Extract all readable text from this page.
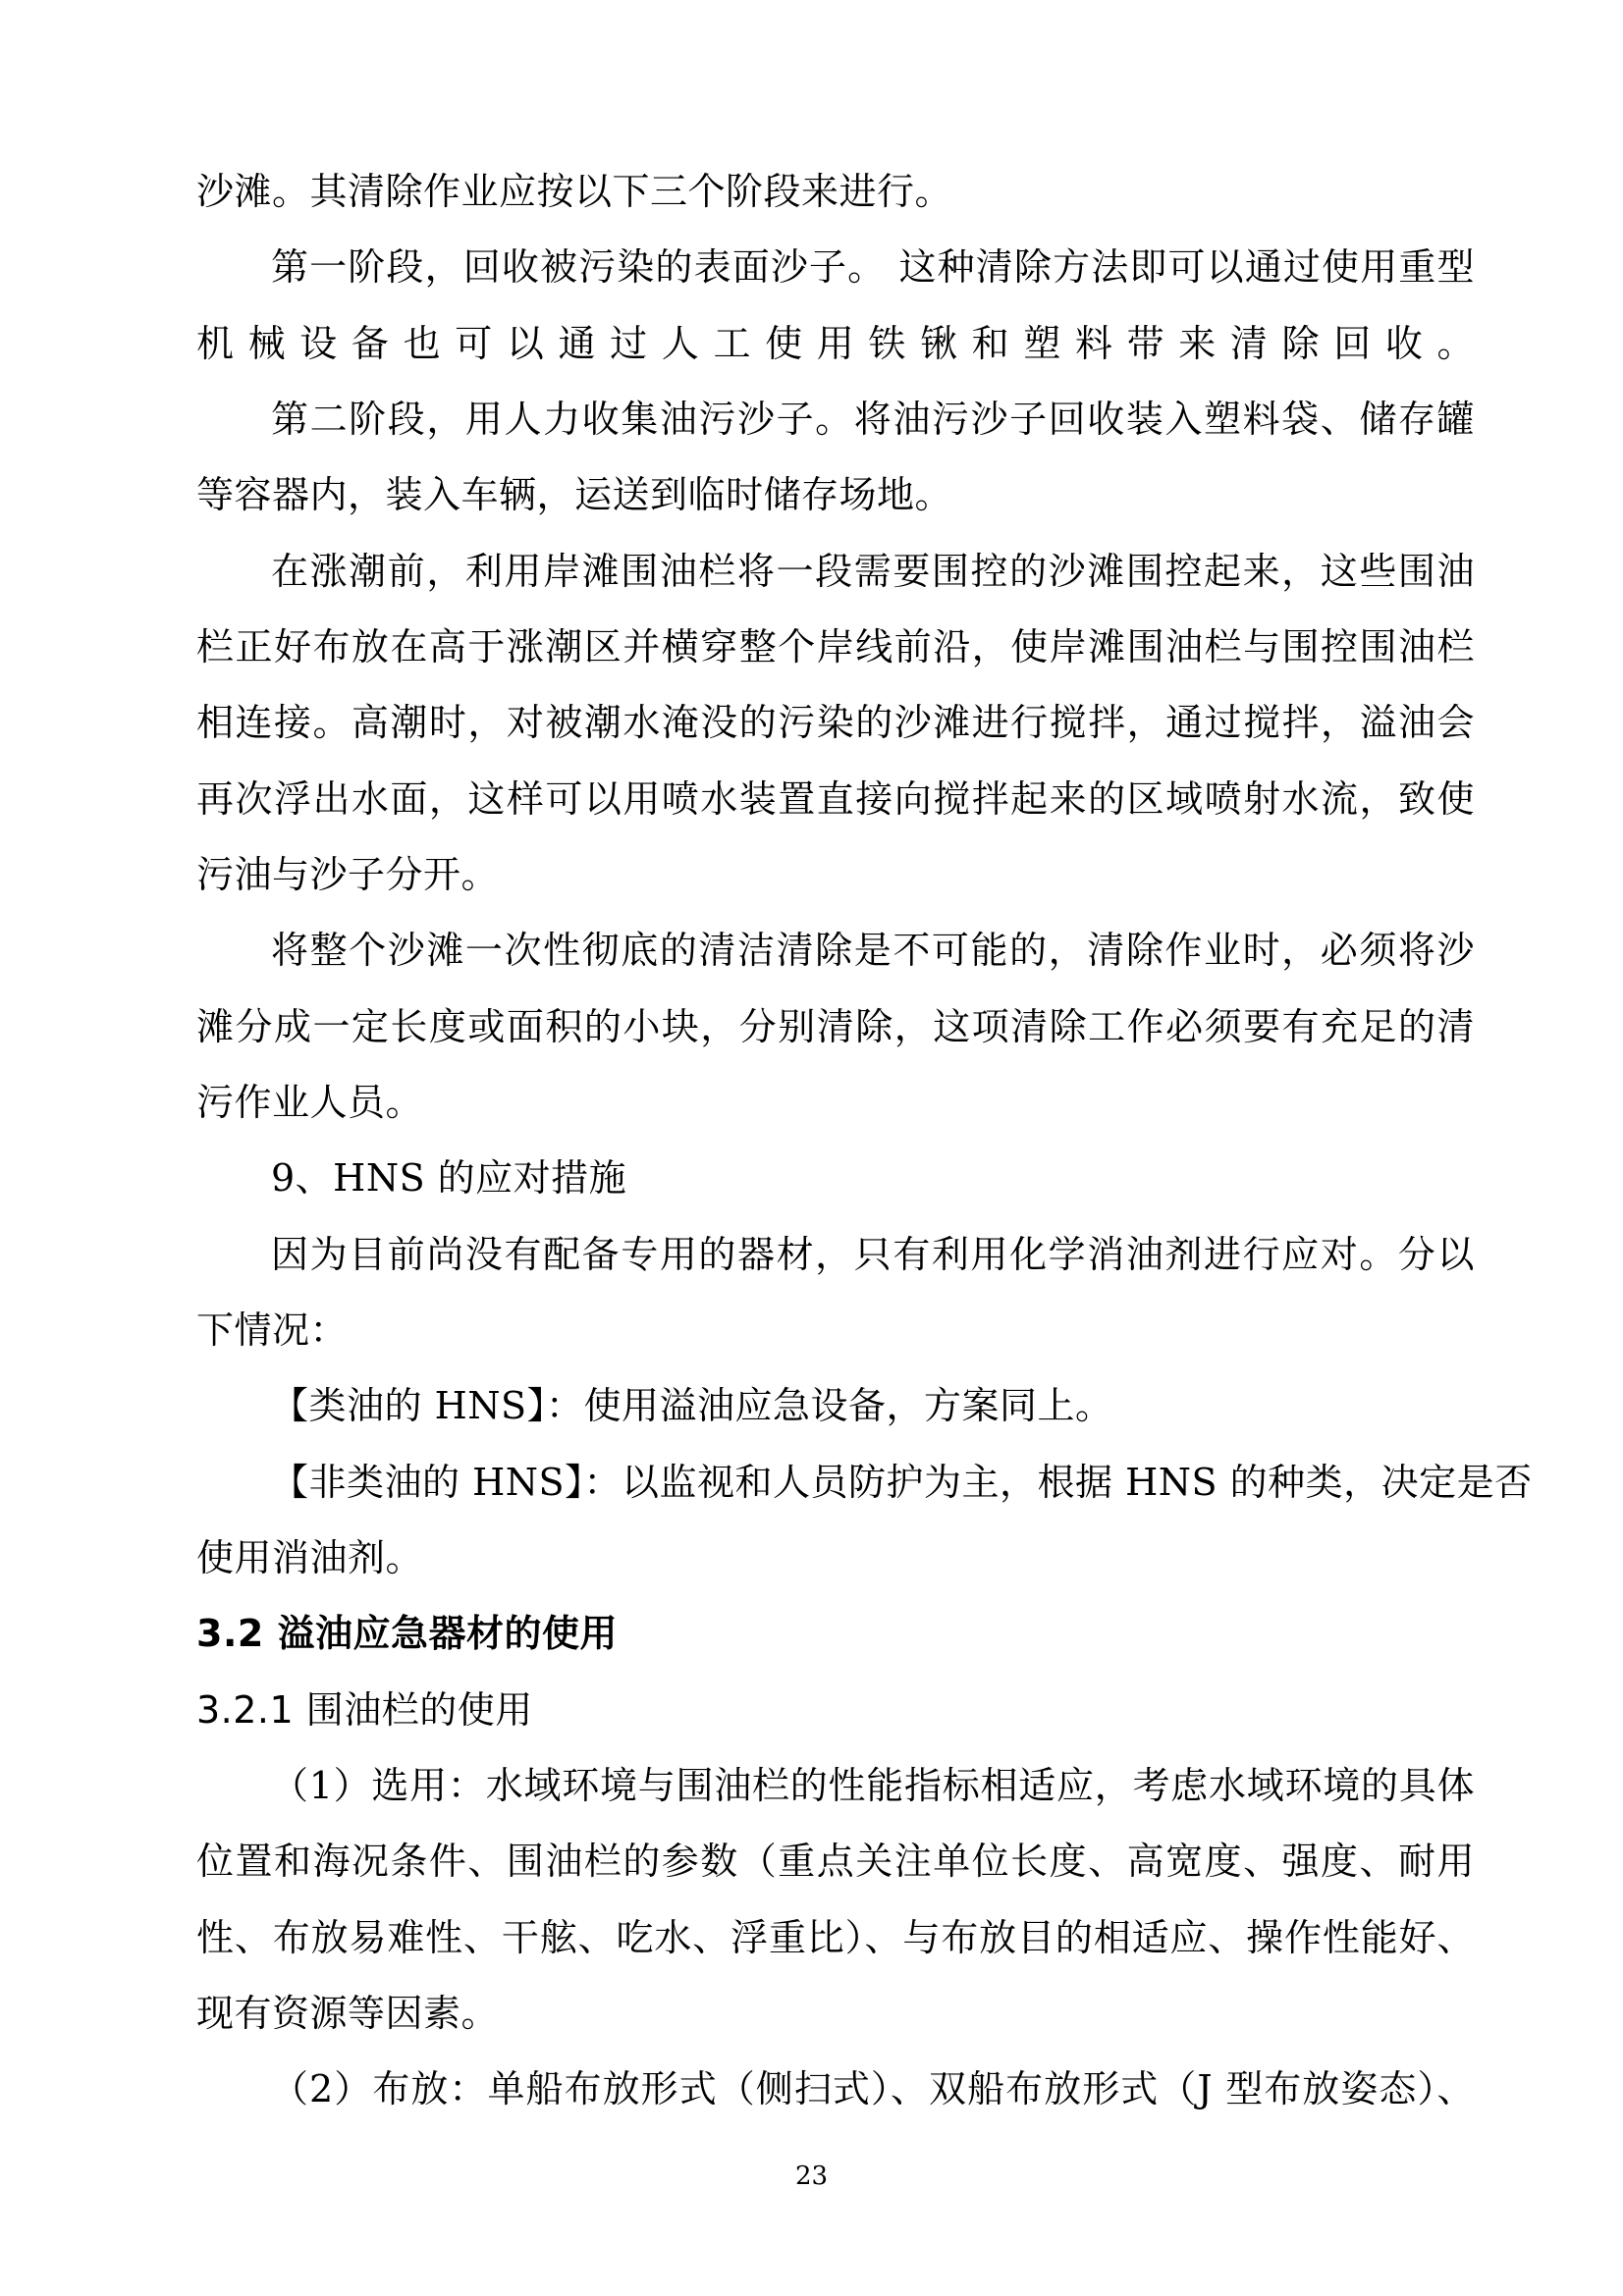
沙滩。其清除作业应按以下三个阶段来进行。
第一阶段，回收被污染的表面沙子。 这种清除方法即可以通过使用重型
机械设备也可以通过人工使用铁锹和塑料带来清除回收。
第二阶段，用人力收集油污沙子。将油污沙子回收装入塑料袋、储存罐
等容器内，装入车辆，运送到临时储存场地。
在涨潮前，利用岸滩围油栏将一段需要围控的沙滩围控起来，这些围油
栏正好布放在高于涨潮区并横穿整个岸线前沿，使岸滩围油栏与围控围油栏
相连接。高潮时，对被潮水淹没的污染的沙滩进行搅拌，通过搅拌，溢油会
再次浮出水面，这样可以用喷水装置直接向搅拌起来的区域喷射水流，致使
污油与沙子分开。
将整个沙滩一次性彻底的清洁清除是不可能的，清除作业时，必须将沙
滩分成一定长度或面积的小块，分别清除，这项清除工作必须要有充足的清
污作业人员。
9、HNS 的应对措施
因为目前尚没有配备专用的器材，只有利用化学消油剂进行应对。分以
下情况：
【类油的 HNS】：使用溢油应急设备，方案同上。
【非类油的 HNS】：以监视和人员防护为主，根据 HNS 的种类，决定是否
使用消油剂。
3.2 溢油应急器材的使用
3.2.1 围油栏的使用
（1）选用：水域环境与围油栏的性能指标相适应，考虑水域环境的具体
位置和海况条件、围油栏的参数（重点关注单位长度、高宽度、强度、耐用
性、布放易难性、干舷、吃水、浮重比）、与布放目的相适应、操作性能好、
现有资源等因素。
（2）布放：单船布放形式（侧扫式）、双船布放形式（J 型布放姿态）、
23
